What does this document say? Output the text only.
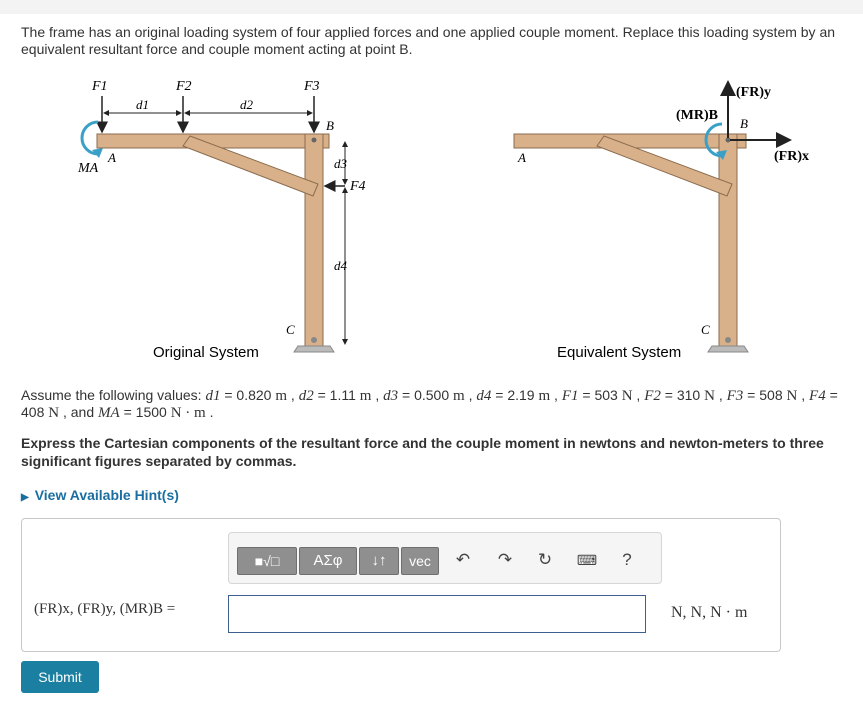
The frame has an original loading system of four applied forces and one applied couple moment. Replace this loading system by an equivalent resultant force and couple moment acting at point B.
F1	F2	F3
F4
d1	d2
d3
d4
MA
A
B
C
Original System
(FR)y
(FR)x
(MR)B
B
A
C
Equivalent System
Assume the following values: d1 = 0.820 m , d2 = 1.11 m , d3 = 0.500 m , d4 = 2.19 m , F1 = 503 N , F2 = 310 N , F3 = 508 N , F4 = 408 N , and MA = 1500 N · m .
Express the Cartesian components of the resultant force and the couple moment in newtons and newton-meters to three significant figures separated by commas.
▶ View Available Hint(s)
■√□	ΑΣφ	↓↑	vec	↶ ↷ ↻	⌨	?
(FR)x, (FR)y, (MR)B =	N, N, N · m
Submit
